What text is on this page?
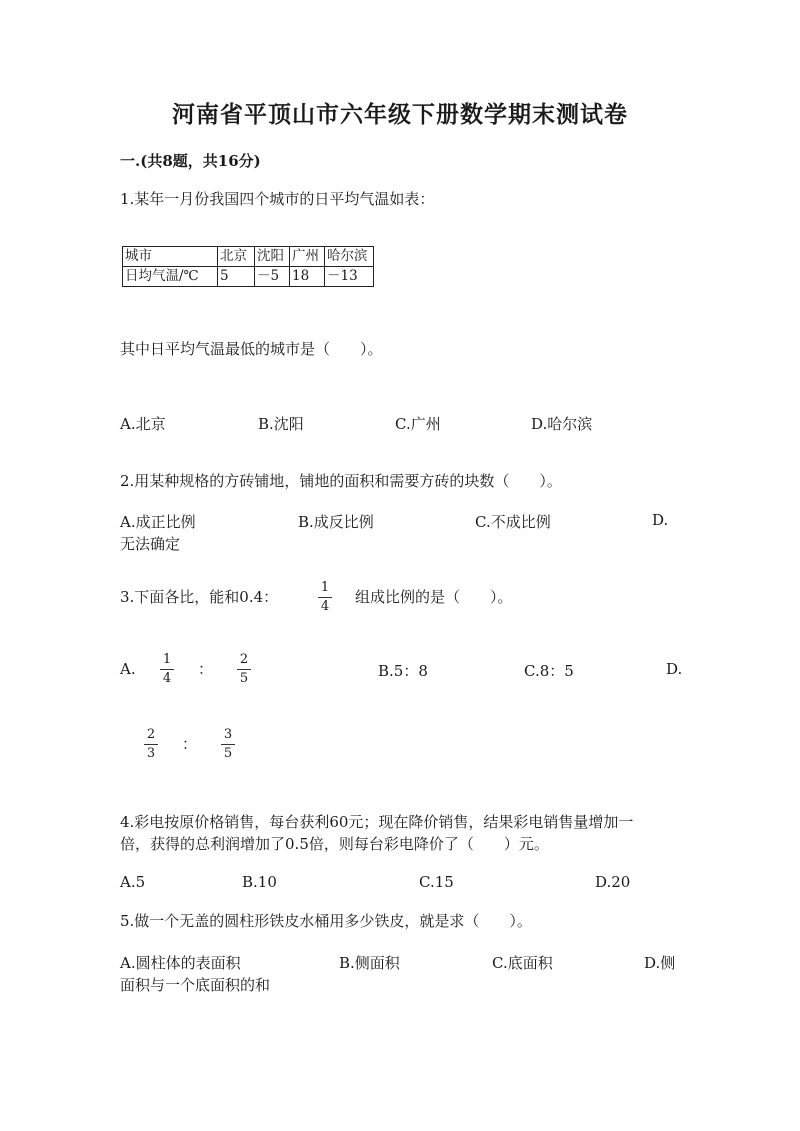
河南省平顶山市六年级下册数学期末测试卷
一.(共8题，共16分)
1.某年一月份我国四个城市的日平均气温如表：
城市	北京	沈阳	广州	哈尔滨
日均气温/℃	5	－5	18	－13
其中日平均气温最低的城市是（　　）。
A.北京	B.沈阳	C.广州	D.哈尔滨
2.用某种规格的方砖铺地，铺地的面积和需要方砖的块数（　　）。
A.成正比例	B.成反比例	C.不成比例	D.
无法确定
3.下面各比，能和0.4：
1
4
组成比例的是（　　）。
A.
1
4
：
2
5	B.5：8	C.8：5	D.
2
3
：
3
5
4.彩电按原价格销售，每台获利60元；现在降价销售，结果彩电销售量增加一
倍，获得的总利润增加了0.5倍，则每台彩电降价了（　　）元。
A.5	B.10	C.15	D.20
5.做一个无盖的圆柱形铁皮水桶用多少铁皮，就是求（　　）。
A.圆柱体的表面积	B.侧面积	C.底面积	D.侧
面积与一个底面积的和
